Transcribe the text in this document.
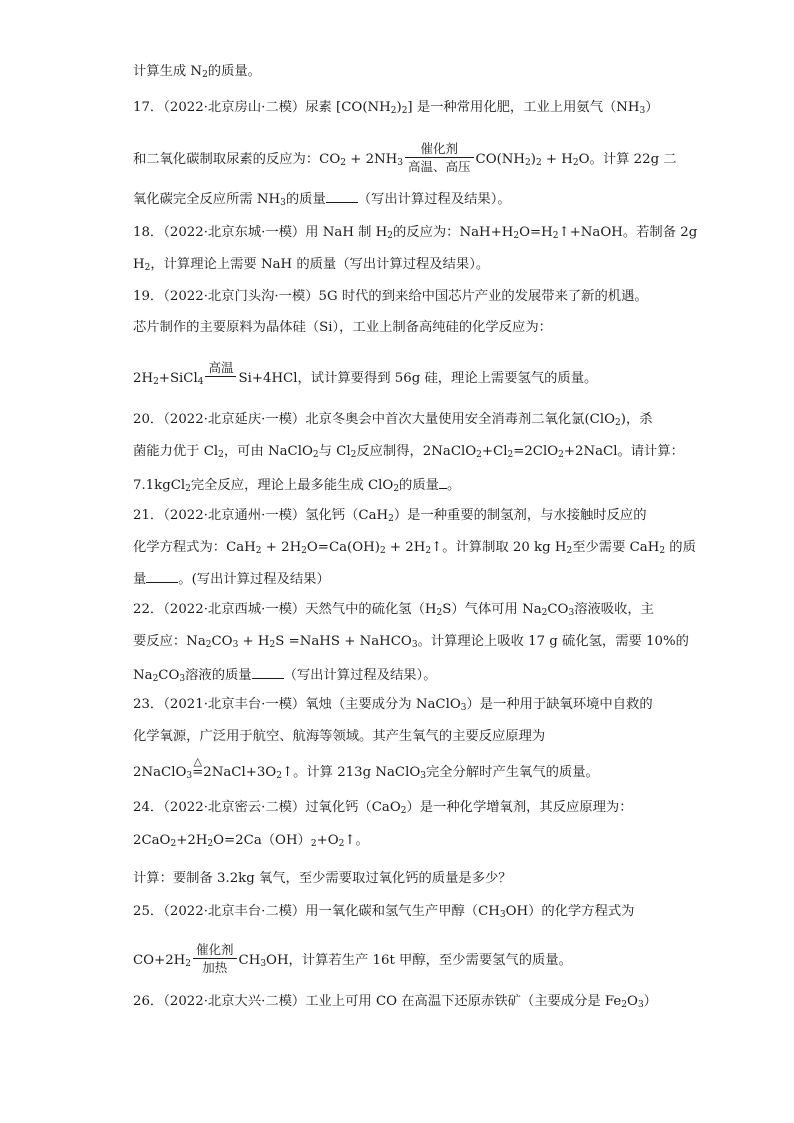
计算生成 $N_2$的质量。
17．（2022·北京房山·二模）尿素 $[CO(NH_2)_2]$ 是一种常用化肥，工业上用氨气$(NH_3)$
和二氧化碳制取尿素的反应为：$CO_2 + 2NH_3 \frac{\text{催化剂}}{\text{高温、高压}} CO(NH_2)_2 + H_2O$。计算 22g 二
氧化碳完全反应所需 $NH_3$的质量 （写出计算过程及结果）。
18．（2022·北京东城·一模）用 NaH 制 $H_2$的反应为：$NaH+H_2O=H_2↑+NaOH$。若制备 2g
$H_2$，计算理论上需要 NaH 的质量（写出计算过程及结果）。
19．（2022·北京门头沟·一模）5G 时代的到来给中国芯片产业的发展带来了新的机遇。
芯片制作的主要原料为晶体硅（Si），工业上制备高纯硅的化学反应为：
$2H_2+SiCl_4$
高温
Si+4HCl，试计算要得到 56g 硅，理论上需要氢气的质量。
20．（2022·北京延庆·一模）北京冬奥会中首次大量使用安全消毒剂二氧化氯(ClO$_2$)，杀
菌能力优于 $Cl_2$，可由 NaClO$_2$与 $Cl_2$反应制得，$2NaClO_2+Cl_2=2ClO_2+2NaCl$。请计算：
7.1kgCl$_2$完全反应，理论上最多能生成 ClO$_2$的质量 。
21．（2022·北京通州·一模）氢化钙（CaH$_2$）是一种重要的制氢剂，与水接触时反应的
化学方程式为：$CaH_2 + 2H_2O=Ca(OH)_2$ + $2H_2↑$。计算制取 20 kg $H_2$至少需要 CaH$_2$ 的质
量 。(写出计算过程及结果）
22．（2022·北京西城·一模）天然气中的硫化氢$(H_2S)$气体可用 $Na_2CO_3$溶液吸收，主
要反应：$Na_2CO_3 + H_2S$ =NaHS + NaHCO$_3$。计算理论上吸收 17 g 硫化氢，需要 10%的
$Na_2CO_3$溶液的质量 （写出计算过程及结果）。
23．（2021·北京丰台·一模）氧烛（主要成分为 NaClO$_3$）是一种用于缺氧环境中自救的
化学氧源，广泛用于航空、航海等领域。其产生氧气的主要反应原理为
2NaClO$_3$
△
$=2NaCl+3O_2↑$。计算 213g NaClO$_3$完全分解时产生氧气的质量。
24．（2022·北京密云·二模）过氧化钙（CaO$_2$）是一种化学增氧剂，其反应原理为：
$2CaO_2+2H_2O=2Ca(OH)_2+O_2↑$。
计算：要制备 3.2kg 氧气，至少需要取过氧化钙的质量是多少？
25．（2022·北京丰台·二模）用一氧化碳和氢气生产甲醇$(CH_3OH)$的化学方程式为
$CO+2H_2 \frac{\text{催化剂}}{\text{加热}} CH_3OH$，计算若生产 16t 甲醇，至少需要氢气的质量。
26．（2022·北京大兴·二模）工业上可用 CO 在高温下还原赤铁矿（主要成分是 $Fe_2O_3$）
